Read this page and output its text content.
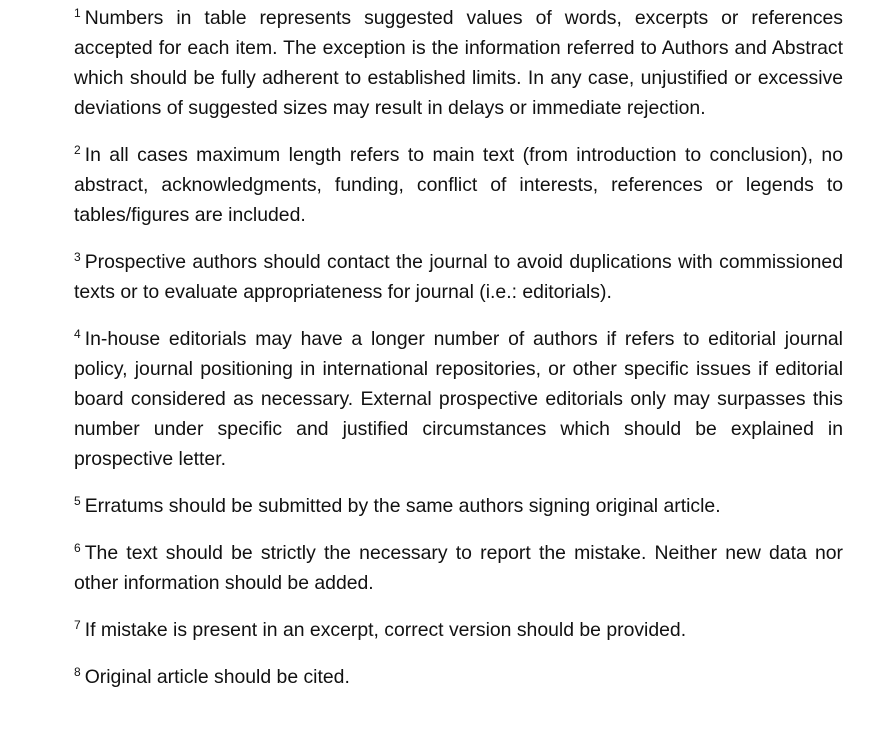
$^1$ Numbers in table represents suggested values of words, excerpts or references accepted for each item. The exception is the information referred to Authors and Abstract which should be fully adherent to established limits. In any case, unjustified or excessive deviations of suggested sizes may result in delays or immediate rejection.

$^2$ In all cases maximum length refers to main text (from introduction to conclusion), no abstract, acknowledgments, funding, conflict of interests, references or legends to tables/figures are included.

$^3$ Prospective authors should contact the journal to avoid duplications with commissioned texts or to evaluate appropriateness for journal (i.e.: editorials).

$^4$ In-house editorials may have a longer number of authors if refers to editorial journal policy, journal positioning in international repositories, or other specific issues if editorial board considered as necessary. External prospective editorials only may surpasses this number under specific and justified circumstances which should be explained in prospective letter.

$^5$ Erratums should be submitted by the same authors signing original article.

$^6$ The text should be strictly the necessary to report the mistake. Neither new data nor other information should be added.

$^7$ If mistake is present in an excerpt, correct version should be provided.

$^8$ Original article should be cited.
